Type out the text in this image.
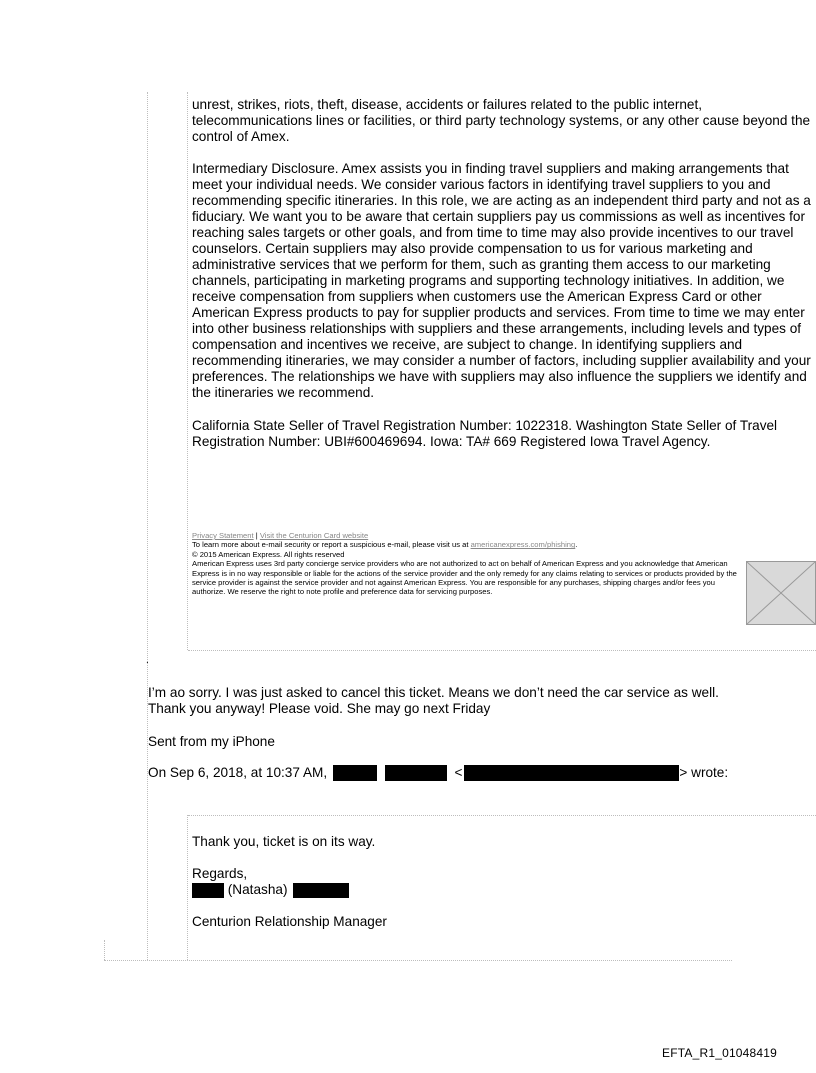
unrest, strikes, riots, theft, disease, accidents or failures related to the public internet, telecommunications lines or facilities, or third party technology systems, or any other cause beyond the control of Amex.
Intermediary Disclosure. Amex assists you in finding travel suppliers and making arrangements that meet your individual needs. We consider various factors in identifying travel suppliers to you and recommending specific itineraries. In this role, we are acting as an independent third party and not as a fiduciary. We want you to be aware that certain suppliers pay us commissions as well as incentives for reaching sales targets or other goals, and from time to time may also provide incentives to our travel counselors. Certain suppliers may also provide compensation to us for various marketing and administrative services that we perform for them, such as granting them access to our marketing channels, participating in marketing programs and supporting technology initiatives. In addition, we receive compensation from suppliers when customers use the American Express Card or other American Express products to pay for supplier products and services. From time to time we may enter into other business relationships with suppliers and these arrangements, including levels and types of compensation and incentives we receive, are subject to change. In identifying suppliers and recommending itineraries, we may consider a number of factors, including supplier availability and your preferences. The relationships we have with suppliers may also influence the suppliers we identify and the itineraries we recommend.
California State Seller of Travel Registration Number: 1022318. Washington State Seller of Travel Registration Number: UBI#600469694. Iowa: TA# 669 Registered Iowa Travel Agency.
Privacy Statement | Visit the Centurion Card website
To learn more about e-mail security or report a suspicious e-mail, please visit us at americanexpress.com/phishing.
© 2015 American Express. All rights reserved
American Express uses 3rd party concierge service providers who are not authorized to act on behalf of American Express and you acknowledge that American Express is in no way responsible or liable for the actions of the service provider and the only remedy for any claims relating to services or products provided by the service provider is against the service provider and not against American Express. You are responsible for any purchases, shipping charges and/or fees you authorize. We reserve the right to note profile and preference data for servicing purposes.
.
I’m ao sorry. I was just asked to cancel this ticket. Means we don’t need the car service as well.
Thank you anyway! Please void. She may go next Friday
Sent from my iPhone
On Sep 6, 2018, at 10:37 AM,	<	> wrote:
Thank you, ticket is on its way.
Regards,
(Natasha)
Centurion Relationship Manager
EFTA_R1_01048419
